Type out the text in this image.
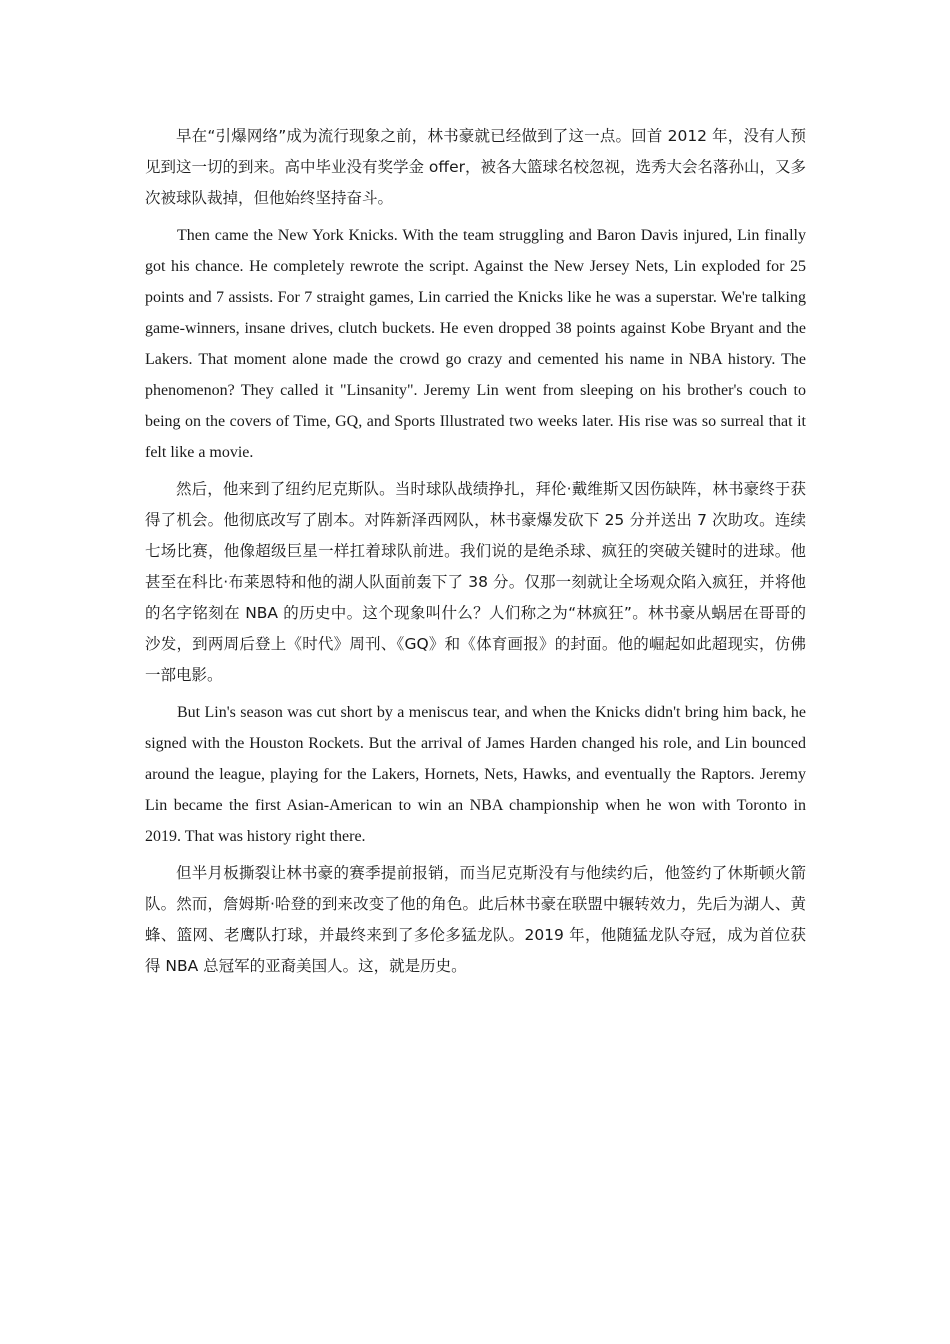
早在“引爆网络”成为流行现象之前，林书豪就已经做到了这一点。回首 2012 年，没有人预见到这一切的到来。高中毕业没有奖学金 offer，被各大篮球名校忽视，选秀大会名落孙山，又多次被球队裁掉，但他始终坚持奋斗。

Then came the New York Knicks. With the team struggling and Baron Davis injured, Lin finally got his chance. He completely rewrote the script. Against the New Jersey Nets, Lin exploded for 25 points and 7 assists. For 7 straight games, Lin carried the Knicks like he was a superstar. We're talking game-winners, insane drives, clutch buckets. He even dropped 38 points against Kobe Bryant and the Lakers. That moment alone made the crowd go crazy and cemented his name in NBA history. The phenomenon? They called it "Linsanity". Jeremy Lin went from sleeping on his brother's couch to being on the covers of Time, GQ, and Sports Illustrated two weeks later. His rise was so surreal that it felt like a movie.

然后，他来到了纽约尼克斯队。当时球队战绩挣扎，拜伦·戴维斯又因伤缺阵，林书豪终于获得了机会。他彻底改写了剧本。对阵新泽西网队，林书豪爆发砍下 25 分并送出 7 次助攻。连续七场比赛，他像超级巨星一样扛着球队前进。我们说的是绝杀球、疯狂的突破关键时的进球。他甚至在科比·布莱恩特和他的湖人队面前轰下了 38 分。仅那一刻就让全场观众陷入疯狂，并将他的名字铭刻在 NBA 的历史中。这个现象叫什么？人们称之为“林疯狂”。林书豪从蜗居在哥哥的沙发，到两周后登上《时代》周刊、《GQ》和《体育画报》的封面。他的崛起如此超现实，仿佛一部电影。

But Lin's season was cut short by a meniscus tear, and when the Knicks didn't bring him back, he signed with the Houston Rockets. But the arrival of James Harden changed his role, and Lin bounced around the league, playing for the Lakers, Hornets, Nets, Hawks, and eventually the Raptors. Jeremy Lin became the first Asian-American to win an NBA championship when he won with Toronto in 2019. That was history right there.

但半月板撕裂让林书豪的赛季提前报销，而当尼克斯没有与他续约后，他签约了休斯顿火箭队。然而，詹姆斯·哈登的到来改变了他的角色。此后林书豪在联盟中辗转效力，先后为湖人、黄蜂、篮网、老鹰队打球，并最终来到了多伦多猛龙队。2019 年，他随猛龙队夺冠，成为首位获得 NBA 总冠军的亚裔美国人。这，就是历史。
